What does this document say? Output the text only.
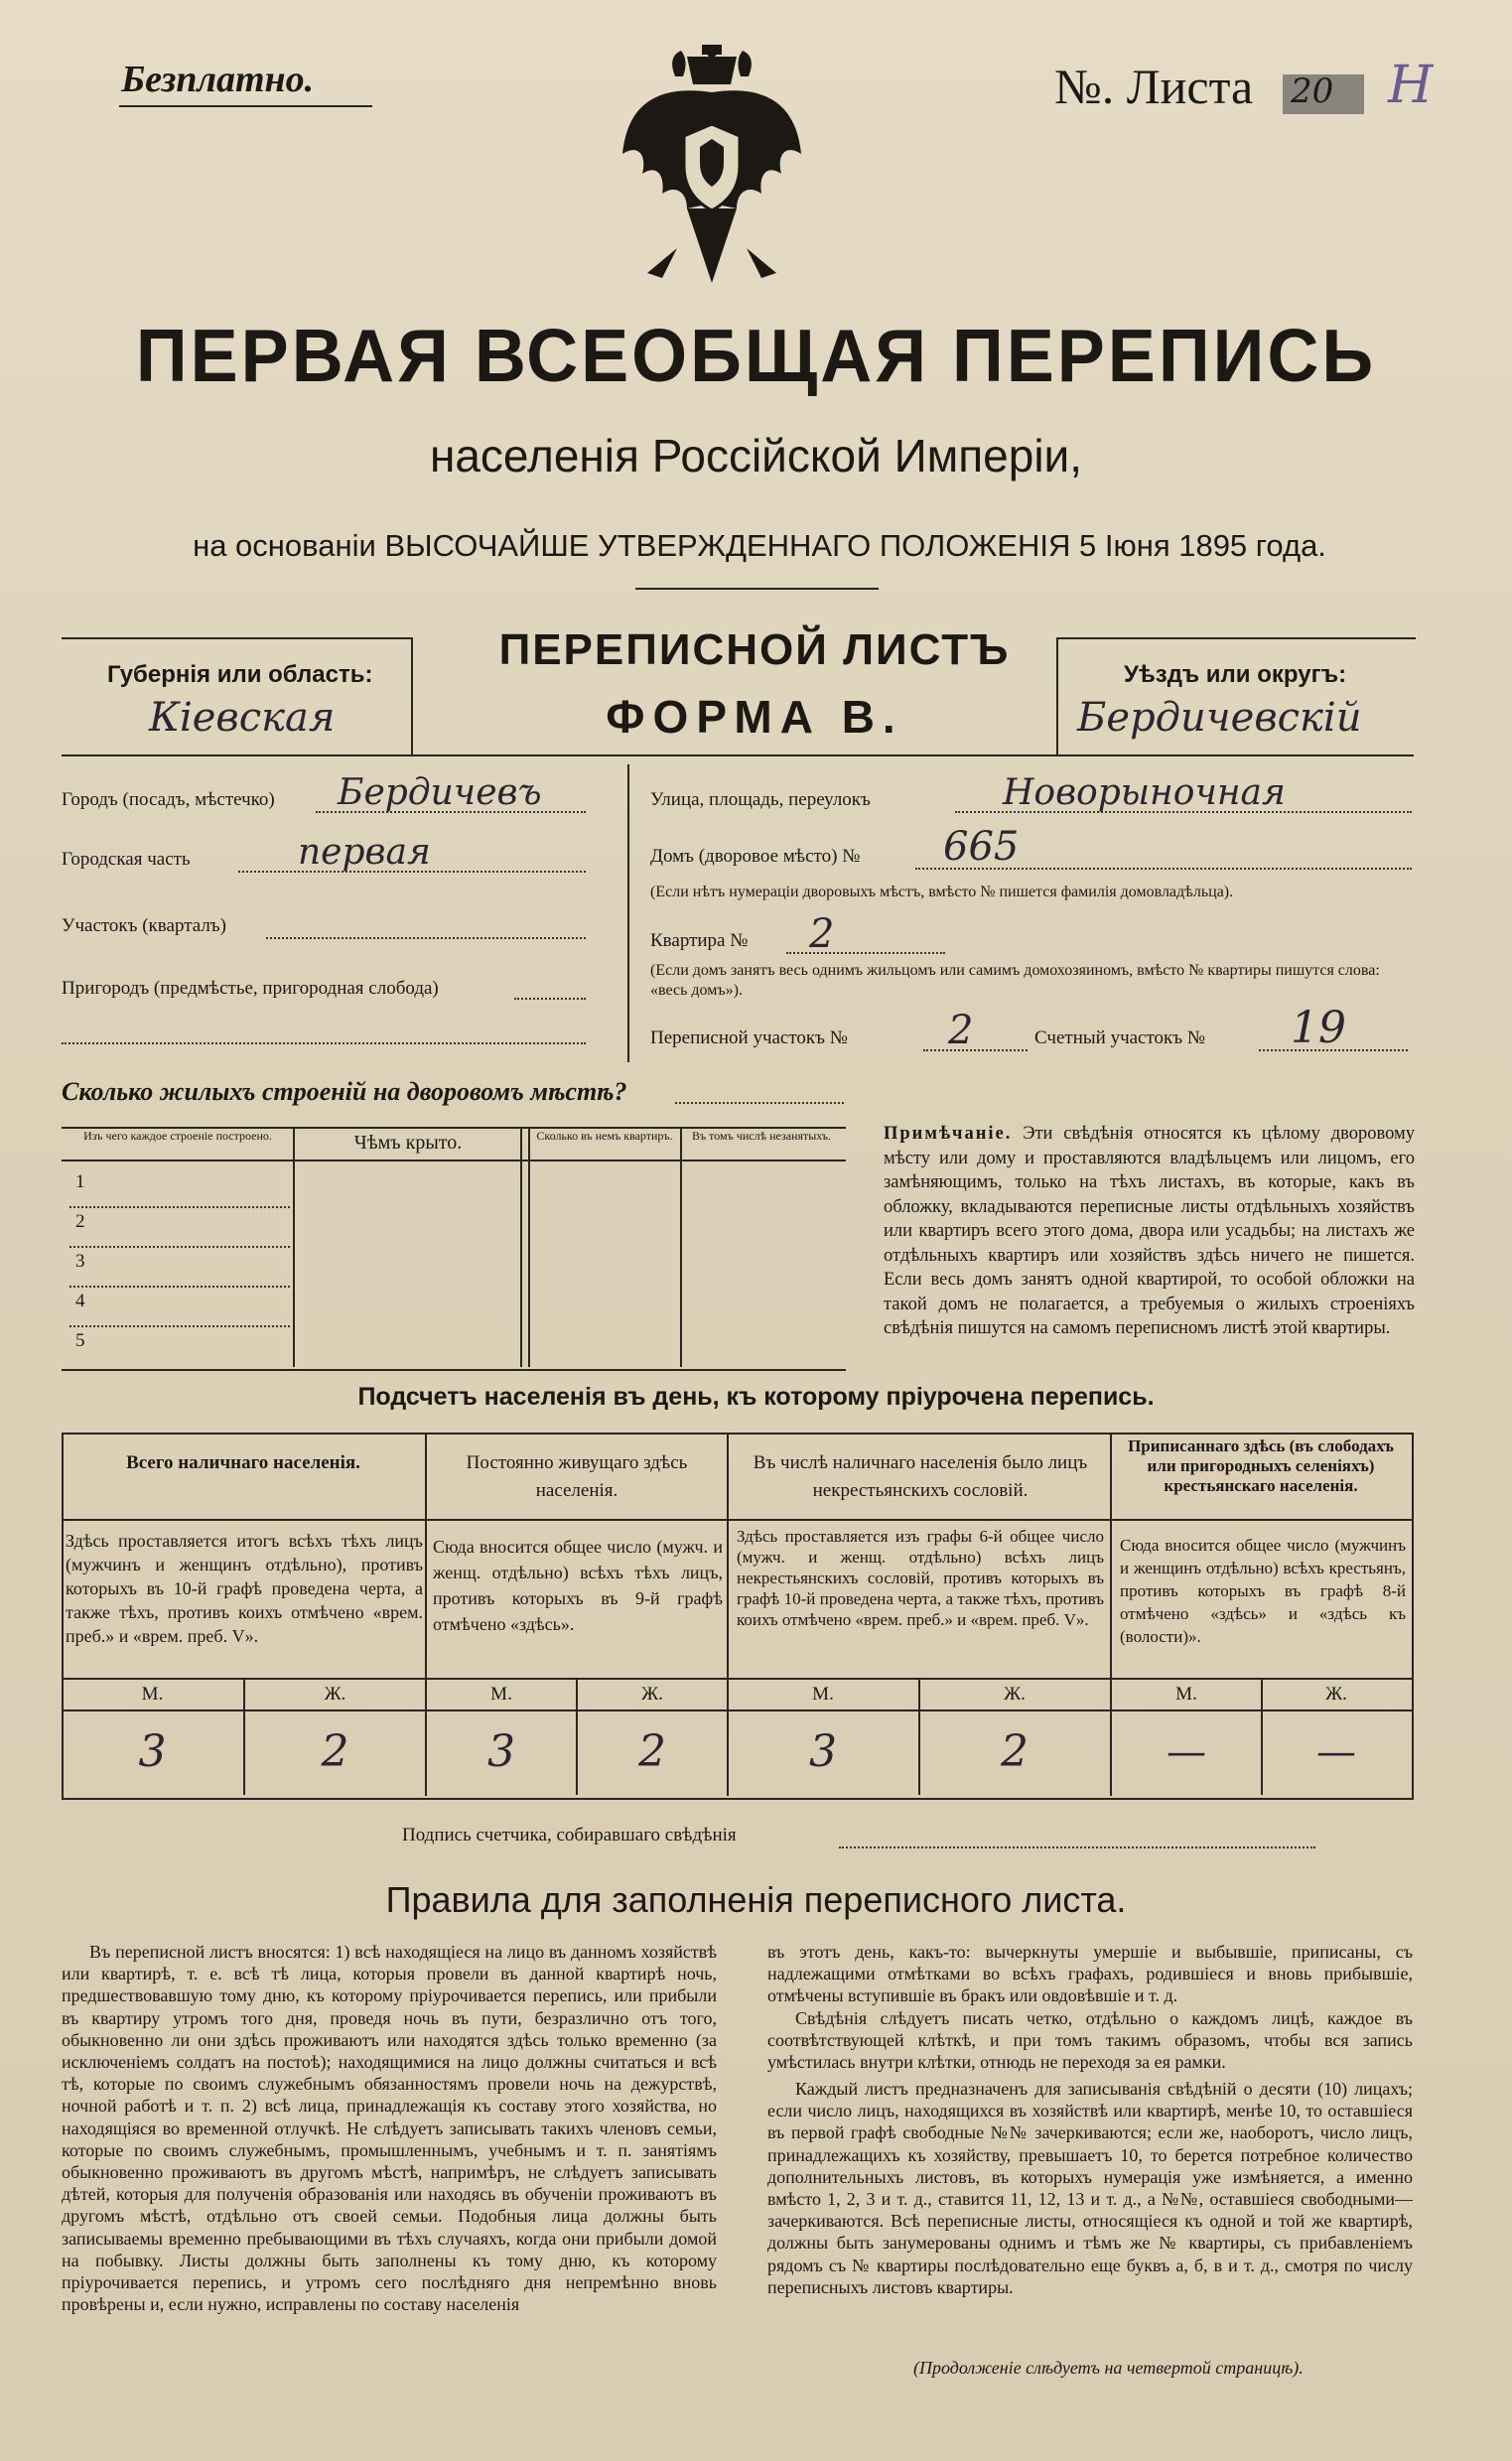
Безплатно.	№. Листа 20 Н
ПЕРВАЯ ВСЕОБЩАЯ ПЕРЕПИСЬ
населенія Россійской Имперіи,
на основаніи ВЫСОЧАЙШЕ УТВЕРЖДЕННАГО ПОЛОЖЕНІЯ 5 Іюня 1895 года.
Губернія или область:
Кіевская
ПЕРЕПИСНОЙ ЛИСТЪ
ФОРМА В.
Уѣздъ или округъ:
Бердичевскій
Городъ (посадъ, мѣстечко) Бердичевъ
Городская часть	первая
Участокъ (кварталъ)
Пригородъ (предмѣстье, пригородная слобода)
Улица, площадь, переулокъ	Новорыночная
Домъ (дворовое мѣсто) № 665
(Если нѣтъ нумераціи дворовыхъ мѣстъ, вмѣсто № пишется фамилія домовладѣльца).
Квартира № 2
(Если домъ занятъ весь однимъ жильцомъ или самимъ домохозяиномъ, вмѣсто № квартиры пишутся слова: «весь домъ»).
Переписной участокъ №	2	Счетный участокъ № 19
Сколько жилыхъ строеній на дворовомъ мѣстѣ?
Изъ чего каждое строеніе построено.	Чѣмъ крыто.	Сколько въ немъ квартиръ.	Въ томъ числѣ незанятыхъ.
1
2
3
4
5
Примѣчаніе. Эти свѣдѣнія относятся къ цѣлому дворовому мѣсту или дому и проставляются владѣльцемъ или лицомъ, его замѣняющимъ, только на тѣхъ листахъ, въ которые, какъ въ обложку, вкладываются переписные листы отдѣльныхъ хозяйствъ или квартиръ всего этого дома, двора или усадьбы; на листахъ же отдѣльныхъ квартиръ или хозяйствъ здѣсь ничего не пишется. Если весь домъ занятъ одной квартирой, то особой обложки на такой домъ не полагается, а требуемыя о жилыхъ строеніяхъ свѣдѣнія пишутся на самомъ переписномъ листѣ этой квартиры.
Подсчетъ населенія въ день, къ которому пріурочена перепись.
Всего наличнаго населенія.
Здѣсь проставляется итогъ всѣхъ тѣхъ лицъ (мужчинъ и женщинъ отдѣльно), противъ которыхъ въ 10-й графѣ проведена черта, а также тѣхъ, противъ коихъ отмѣчено «врем. преб.» и «врем. преб. V».
М.	Ж.
3	2
Постоянно живущаго здѣсь населенія.
Сюда вносится общее число (мужч. и женщ. отдѣльно) всѣхъ тѣхъ лицъ, противъ которыхъ въ 9-й графѣ отмѣчено «здѣсь».
М.	Ж.
3	2
Въ числѣ наличнаго населенія было лицъ некрестьянскихъ сословій.
Здѣсь проставляется изъ графы 6-й общее число (мужч. и женщ. отдѣльно) всѣхъ лицъ некрестьянскихъ сословій, противъ которыхъ въ графѣ 10-й проведена черта, а также тѣхъ, противъ коихъ отмѣчено «врем. преб.» и «врем. преб. V».
М.	Ж.
3	2
Приписаннаго здѣсь (въ слободахъ или пригородныхъ селеніяхъ) крестьянскаго населенія.
Сюда вносится общее число (мужчинъ и женщинъ отдѣльно) всѣхъ крестьянъ, противъ которыхъ въ графѣ 8-й отмѣчено «здѣсь» и «здѣсь къ (волости)».
М.	Ж.
—	—
Подпись счетчика, собиравшаго свѣдѣнія
Правила для заполненія переписного листа.
Въ переписной листъ вносятся: 1) всѣ находящіеся на лицо въ данномъ хозяйствѣ или квартирѣ, т. е. всѣ тѣ лица, которыя провели въ данной квартирѣ ночь, предшествовавшую тому дню, къ которому пріурочивается перепись, или прибыли въ квартиру утромъ того дня, проведя ночь въ пути, безразлично отъ того, обыкновенно ли они здѣсь проживаютъ или находятся здѣсь только временно (за исключеніемъ солдатъ на постоѣ); находящимися на лицо должны считаться и всѣ тѣ, которые по своимъ служебнымъ обязанностямъ провели ночь на дежурствѣ, ночной работѣ и т. п. 2) всѣ лица, принадлежащія къ составу этого хозяйства, но находящіяся во временной отлучкѣ. Не слѣдуетъ записывать такихъ членовъ семьи, которые по своимъ служебнымъ, промышленнымъ, учебнымъ и т. п. занятіямъ обыкновенно проживаютъ въ другомъ мѣстѣ, напримѣръ, не слѣдуетъ записывать дѣтей, которыя для полученія образованія или находясь въ обученіи проживаютъ въ другомъ мѣстѣ, отдѣльно отъ своей семьи. Подобныя лица должны быть записываемы временно пребывающими въ тѣхъ случаяхъ, когда они прибыли домой на побывку. Листы должны быть заполнены къ тому дню, къ которому пріурочивается перепись, и утромъ сего послѣдняго дня непремѣнно вновь провѣрены и, если нужно, исправлены по составу населенія
въ этотъ день, какъ-то: вычеркнуты умершіе и выбывшіе, приписаны, съ надлежащими отмѣтками во всѣхъ графахъ, родившіеся и вновь прибывшіе, отмѣчены вступившіе въ бракъ или овдовѣвшіе и т. д.
Свѣдѣнія слѣдуетъ писать четко, отдѣльно о каждомъ лицѣ, каждое въ соотвѣтствующей клѣткѣ, и при томъ такимъ образомъ, чтобы вся запись умѣстилась внутри клѣтки, отнюдь не переходя за ея рамки.
Каждый листъ предназначенъ для записыванія свѣдѣній о десяти (10) лицахъ; если число лицъ, находящихся въ хозяйствѣ или квартирѣ, менѣе 10, то оставшіеся въ первой графѣ свободные №№ зачеркиваются; если же, наоборотъ, число лицъ, принадлежащихъ къ хозяйству, превышаетъ 10, то берется потребное количество дополнительныхъ листовъ, въ которыхъ нумерація уже измѣняется, а именно вмѣсто 1, 2, 3 и т. д., ставится 11, 12, 13 и т. д., а №№, оставшіеся свободными—зачеркиваются. Всѣ переписные листы, относящіеся къ одной и той же квартирѣ, должны быть занумерованы однимъ и тѣмъ же № квартиры, съ прибавленіемъ рядомъ съ № квартиры послѣдовательно еще буквъ а, б, в и т. д., смотря по числу переписныхъ листовъ квартиры.
(Продолженіе слѣдуетъ на четвертой страницѣ).
